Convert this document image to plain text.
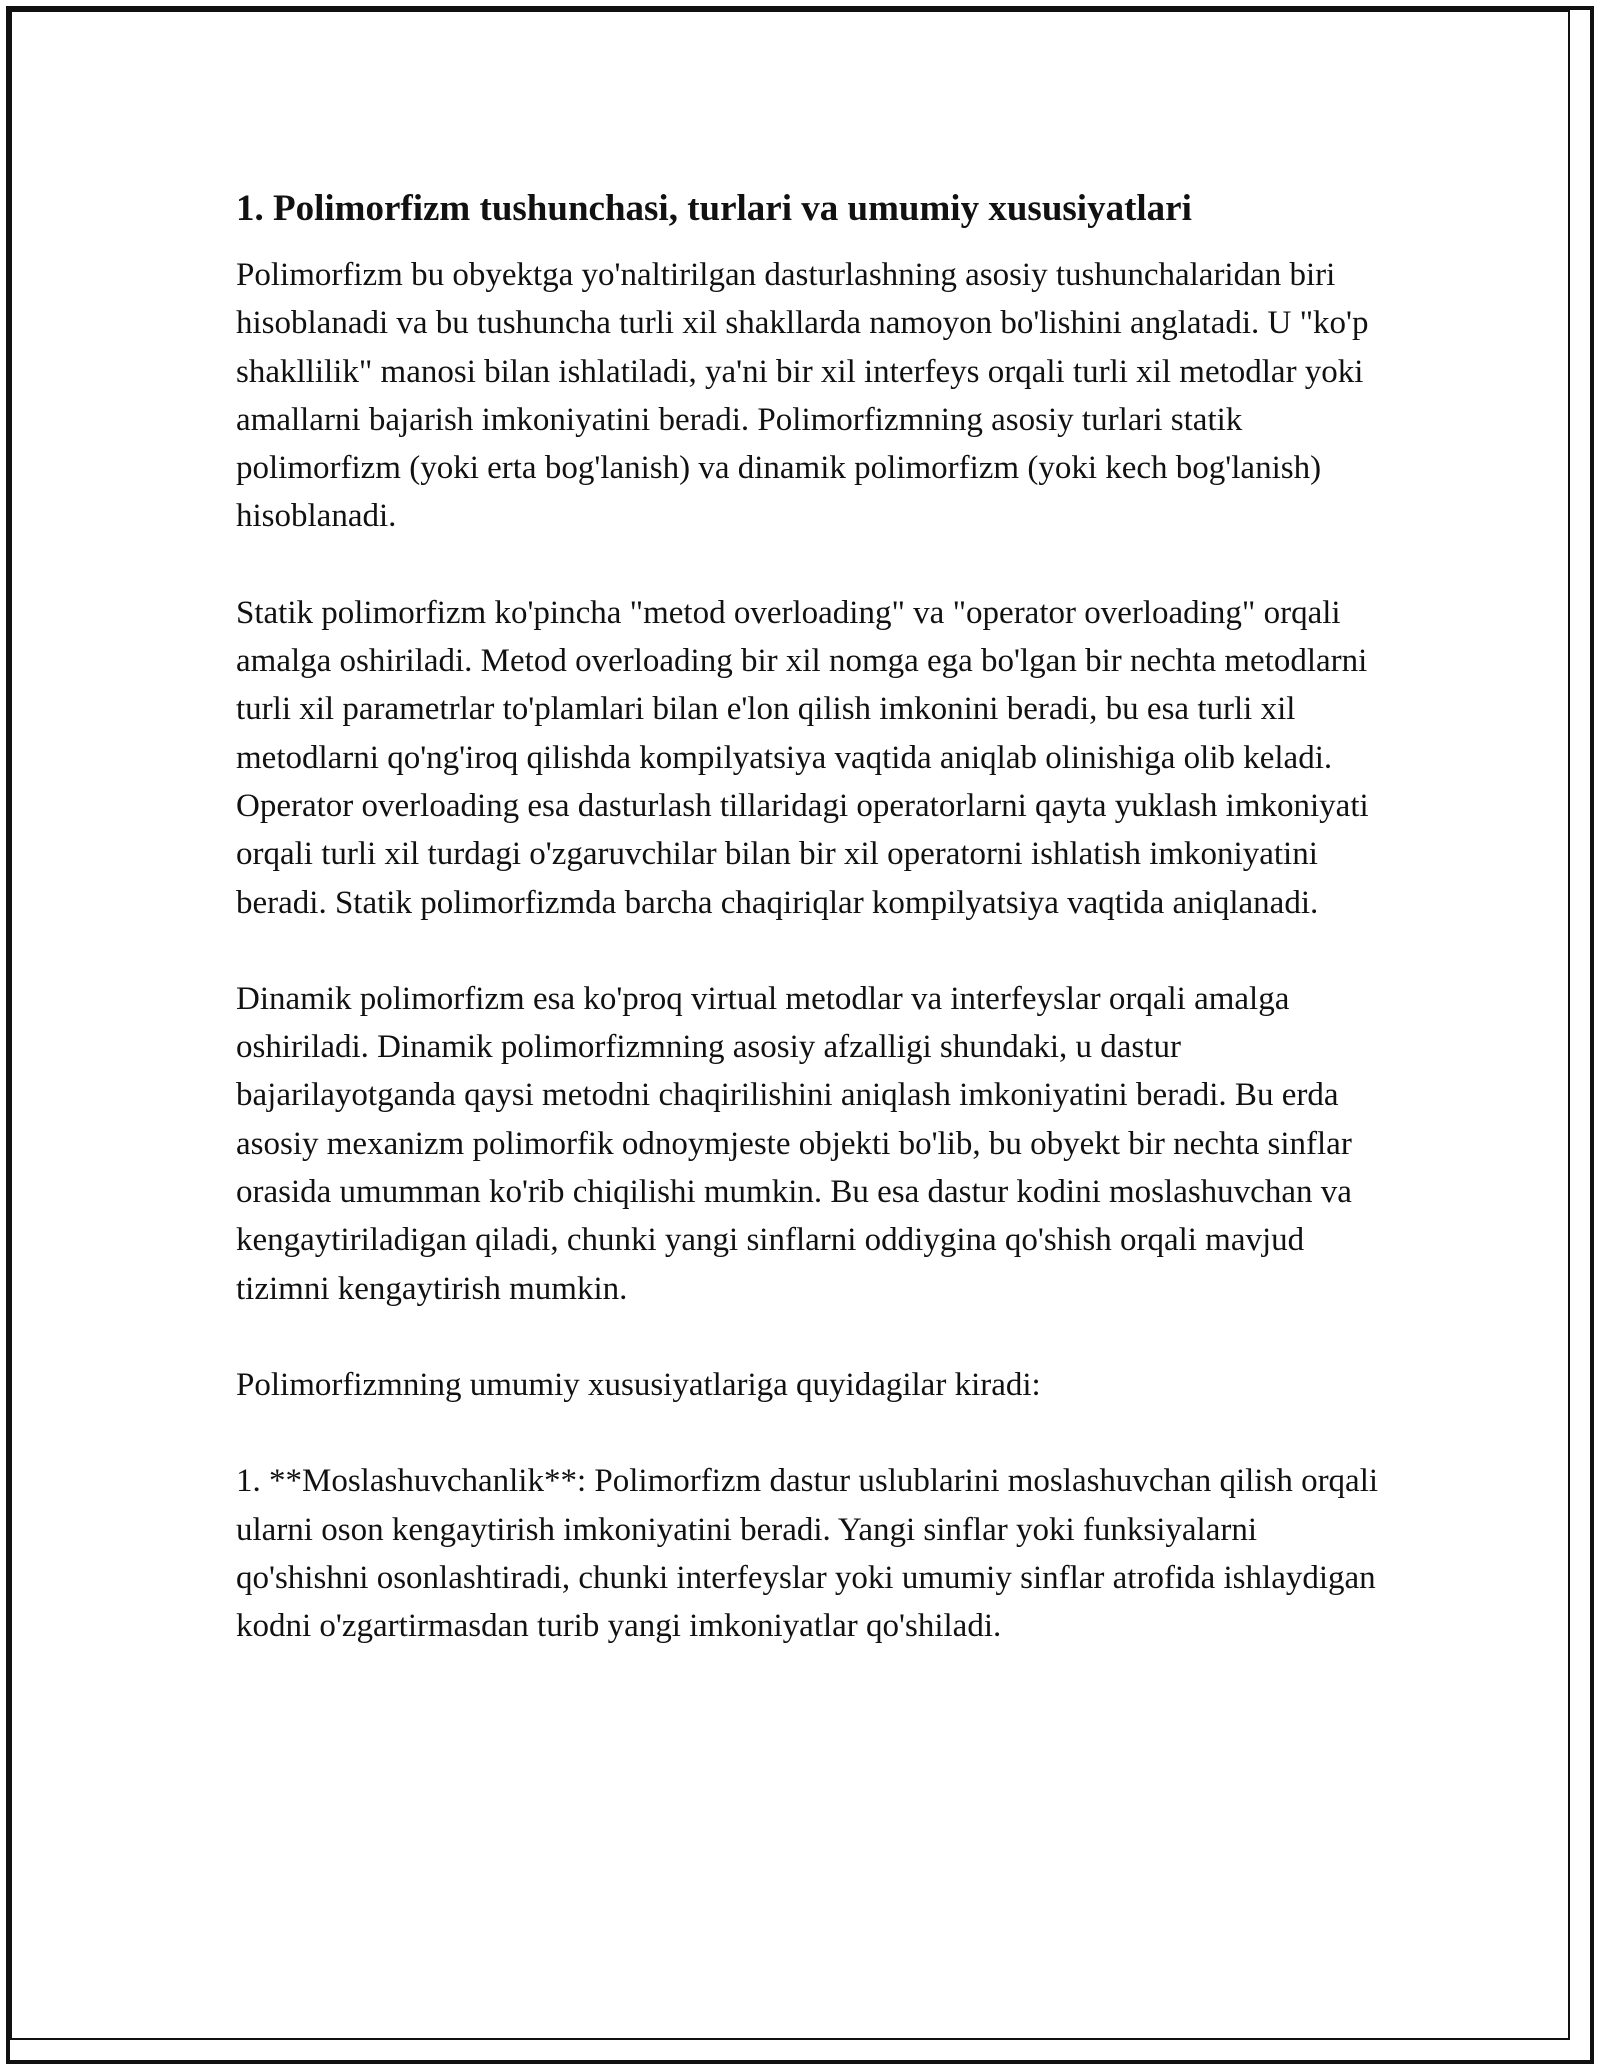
1. Polimorfizm tushunchasi, turlari va umumiy xususiyatlari

Polimorfizm bu obyektga yo'naltirilgan dasturlashning asosiy tushunchalaridan biri hisoblanadi va bu tushuncha turli xil shakllarda namoyon bo'lishini anglatadi. U "ko'p shakllilik" manosi bilan ishlatiladi, ya'ni bir xil interfeys orqali turli xil metodlar yoki amallarni bajarish imkoniyatini beradi. Polimorfizmning asosiy turlari statik polimorfizm (yoki erta bog'lanish) va dinamik polimorfizm (yoki kech bog'lanish) hisoblanadi.

Statik polimorfizm ko'pincha "metod overloading" va "operator overloading" orqali amalga oshiriladi. Metod overloading bir xil nomga ega bo'lgan bir nechta metodlarni turli xil parametrlar to'plamlari bilan e'lon qilish imkonini beradi, bu esa turli xil metodlarni qo'ng'iroq qilishda kompilyatsiya vaqtida aniqlab olinishiga olib keladi. Operator overloading esa dasturlash tillaridagi operatorlarni qayta yuklash imkoniyati orqali turli xil turdagi o'zgaruvchilar bilan bir xil operatorni ishlatish imkoniyatini beradi. Statik polimorfizmda barcha chaqiriqlar kompilyatsiya vaqtida aniqlanadi.

Dinamik polimorfizm esa ko'proq virtual metodlar va interfeyslar orqali amalga oshiriladi. Dinamik polimorfizmning asosiy afzalligi shundaki, u dastur bajarilayotganda qaysi metodni chaqirilishini aniqlash imkoniyatini beradi. Bu erda asosiy mexanizm polimorfik odnoymjeste objekti bo'lib, bu obyekt bir nechta sinflar orasida umumman ko'rib chiqilishi mumkin. Bu esa dastur kodini moslashuvchan va kengaytiriladigan qiladi, chunki yangi sinflarni oddiygina qo'shish orqali mavjud tizimni kengaytirish mumkin.

Polimorfizmning umumiy xususiyatlariga quyidagilar kiradi:

1. **Moslashuvchanlik**: Polimorfizm dastur uslublarini moslashuvchan qilish orqali ularni oson kengaytirish imkoniyatini beradi. Yangi sinflar yoki funksiyalarni qo'shishni osonlashtiradi, chunki interfeyslar yoki umumiy sinflar atrofida ishlaydigan kodni o'zgartirmasdan turib yangi imkoniyatlar qo'shiladi.
